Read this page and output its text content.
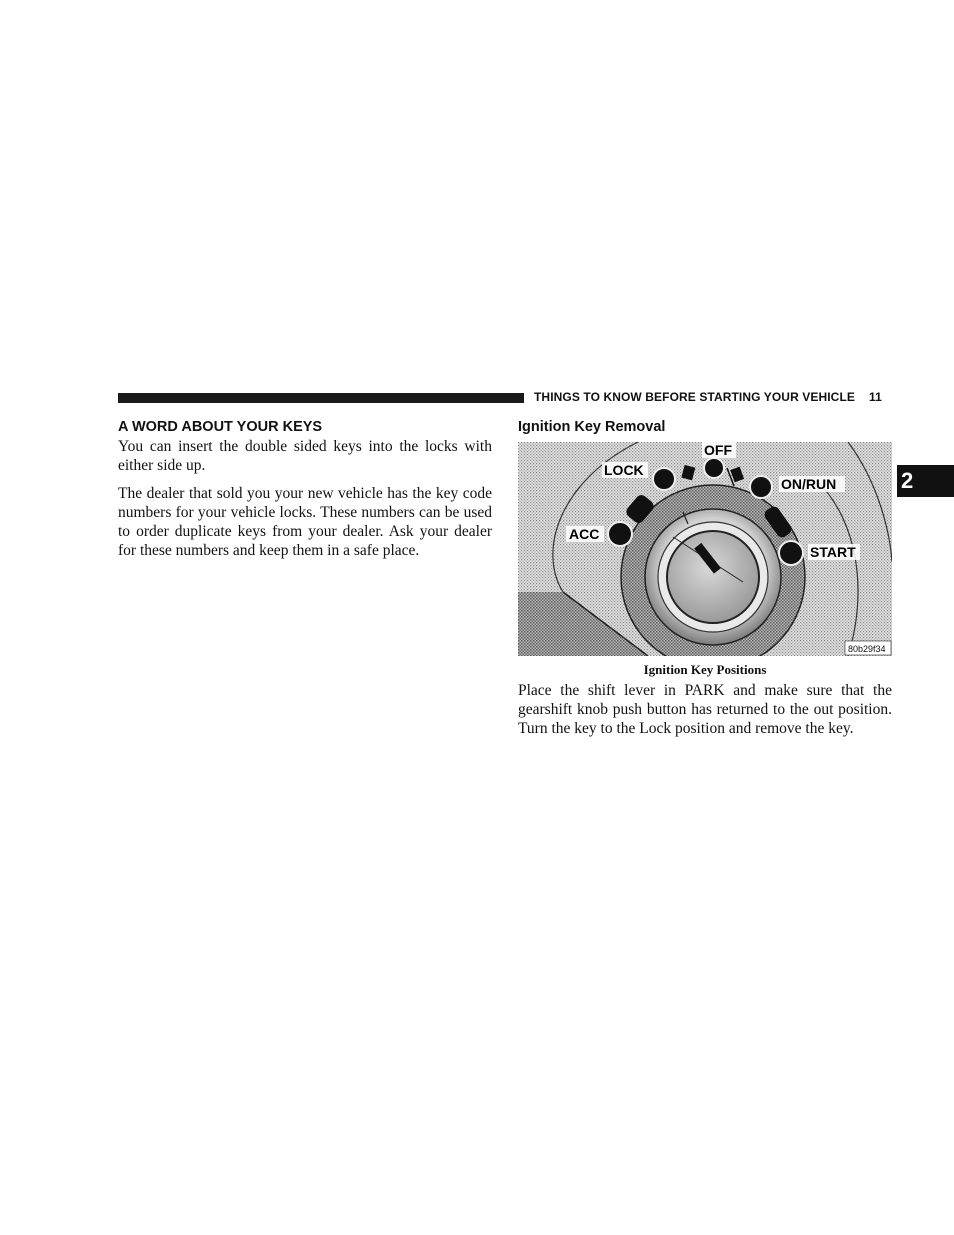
THINGS TO KNOW BEFORE STARTING YOUR VEHICLE 11
2
A WORD ABOUT YOUR KEYS

You can insert the double sided keys into the locks with either side up.

The dealer that sold you your new vehicle has the key code numbers for your vehicle locks. These numbers can be used to order duplicate keys from your dealer. Ask your dealer for these numbers and keep them in a safe place.

Ignition Key Removal
ACC
LOCK
OFF
ON/RUN
START
80b29f34
Ignition Key Positions

Place the shift lever in PARK and make sure that the gearshift knob push button has returned to the out position. Turn the key to the Lock position and remove the key.
